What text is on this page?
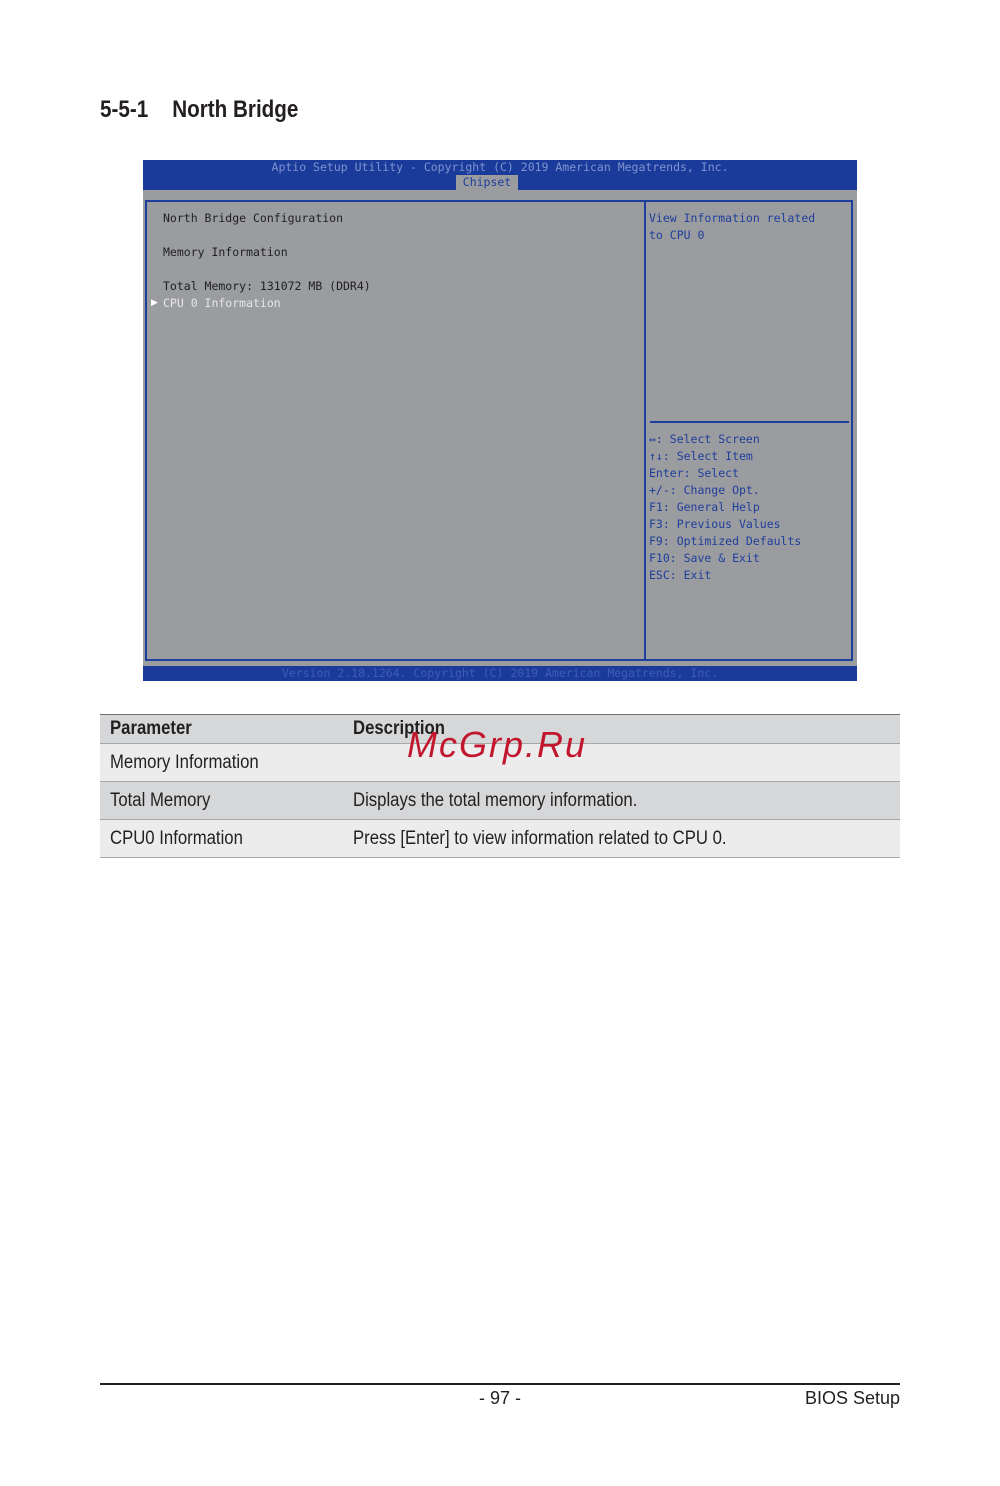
5-5-1 North Bridge
Aptio Setup Utility - Copyright (C) 2019 American Megatrends, Inc.
Chipset
North Bridge Configuration
Memory Information
Total Memory: 131072 MB (DDR4)
▶ CPU 0 Information
View Information related
to CPU 0
↔: Select Screen
↑↓: Select Item
Enter: Select
+/-: Change Opt.
F1: General Help
F3: Previous Values
F9: Optimized Defaults
F10: Save & Exit
ESC: Exit
Version 2.18.1264. Copyright (C) 2019 American Megatrends, Inc.
Parameter	Description
Memory Information	
Total Memory	Displays the total memory information.
CPU0 Information	Press [Enter] to view information related to CPU 0.
McGrp.Ru
- 97 -	BIOS Setup
